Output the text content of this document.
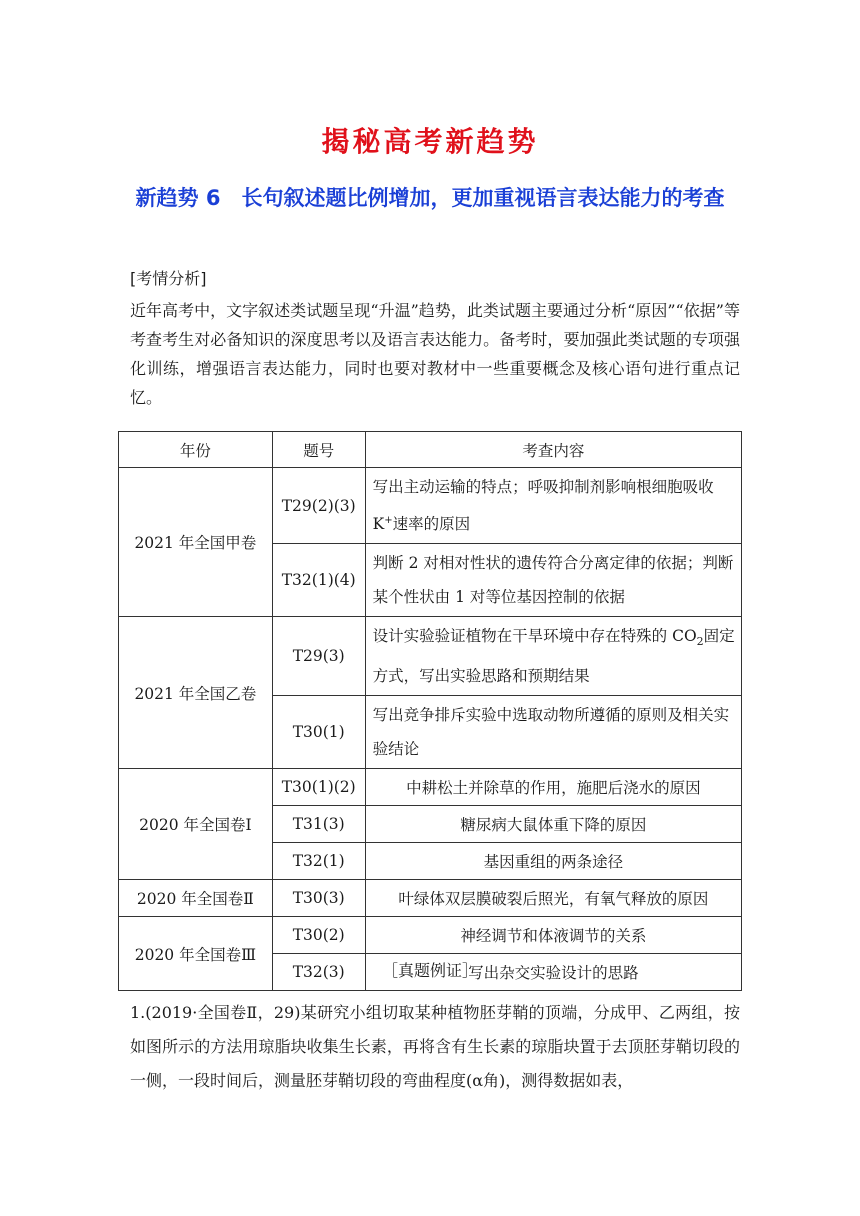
揭秘高考新趋势
新趋势 6　长句叙述题比例增加，更加重视语言表达能力的考查
[考情分析]
近年高考中，文字叙述类试题呈现“升温”趋势，此类试题主要通过分析“原因”“依据”等考查考生对必备知识的深度思考以及语言表达能力。备考时，要加强此类试题的专项强化训练，增强语言表达能力，同时也要对教材中一些重要概念及核心语句进行重点记忆。
年份	题号	考查内容
2021 年全国甲卷	T29(2)(3)	写出主动运输的特点；呼吸抑制剂影响根细胞吸收 K+速率的原因
	T32(1)(4)	判断 2 对相对性状的遗传符合分离定律的依据；判断某个性状由 1 对等位基因控制的依据
2021 年全国乙卷	T29(3)	设计实验验证植物在干旱环境中存在特殊的 $CO_2$固定方式，写出实验思路和预期结果
	T30(1)	写出竞争排斥实验中选取动物所遵循的原则及相关实验结论
2020 年全国卷Ⅰ	T30(1)(2)	中耕松土并除草的作用，施肥后浇水的原因
	T31(3)	糖尿病大鼠体重下降的原因
	T32(1)	基因重组的两条途径
2020 年全国卷Ⅱ	T30(3)	叶绿体双层膜破裂后照光，有氧气释放的原因
2020 年全国卷Ⅲ	T30(2)	神经调节和体液调节的关系
	T32(3)	写出杂交实验设计的思路
［真题例证］
1.(2019·全国卷Ⅱ，29)某研究小组切取某种植物胚芽鞘的顶端，分成甲、乙两组，按如图所示的方法用琼脂块收集生长素，再将含有生长素的琼脂块置于去顶胚芽鞘切段的一侧，一段时间后，测量胚芽鞘切段的弯曲程度(α角)，测得数据如表，
